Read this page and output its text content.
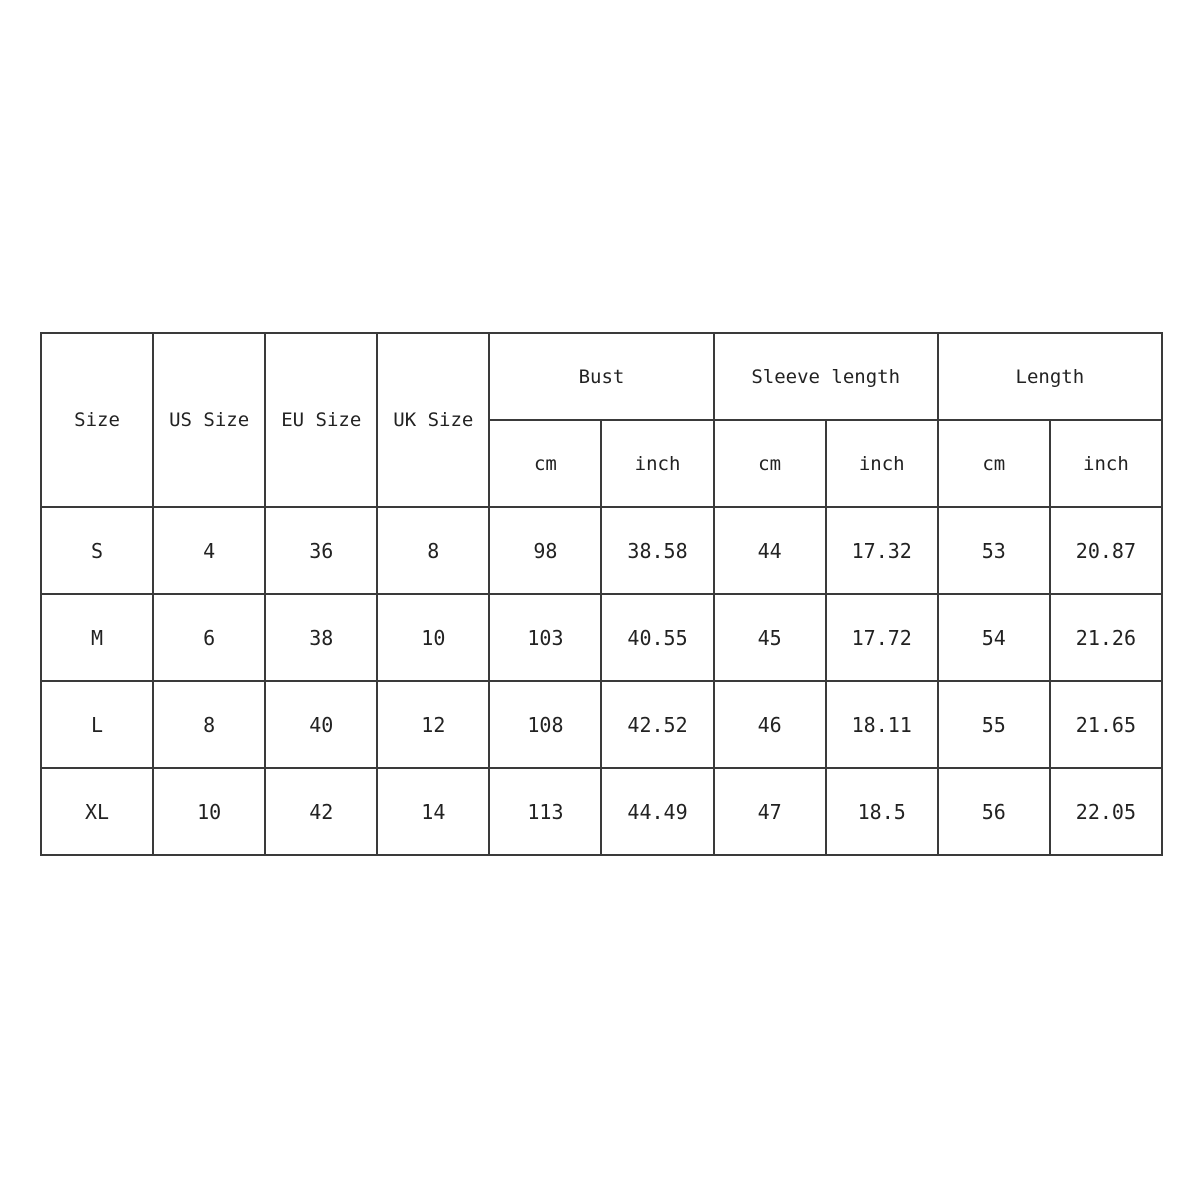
Size	US Size	EU Size	UK Size	Bust		Sleeve length		Length	
				cm	inch	cm	inch	cm	inch
S	4	36	8	98	38.58	44	17.32	53	20.87
M	6	38	10	103	40.55	45	17.72	54	21.26
L	8	40	12	108	42.52	46	18.11	55	21.65
XL	10	42	14	113	44.49	47	18.5	56	22.05
